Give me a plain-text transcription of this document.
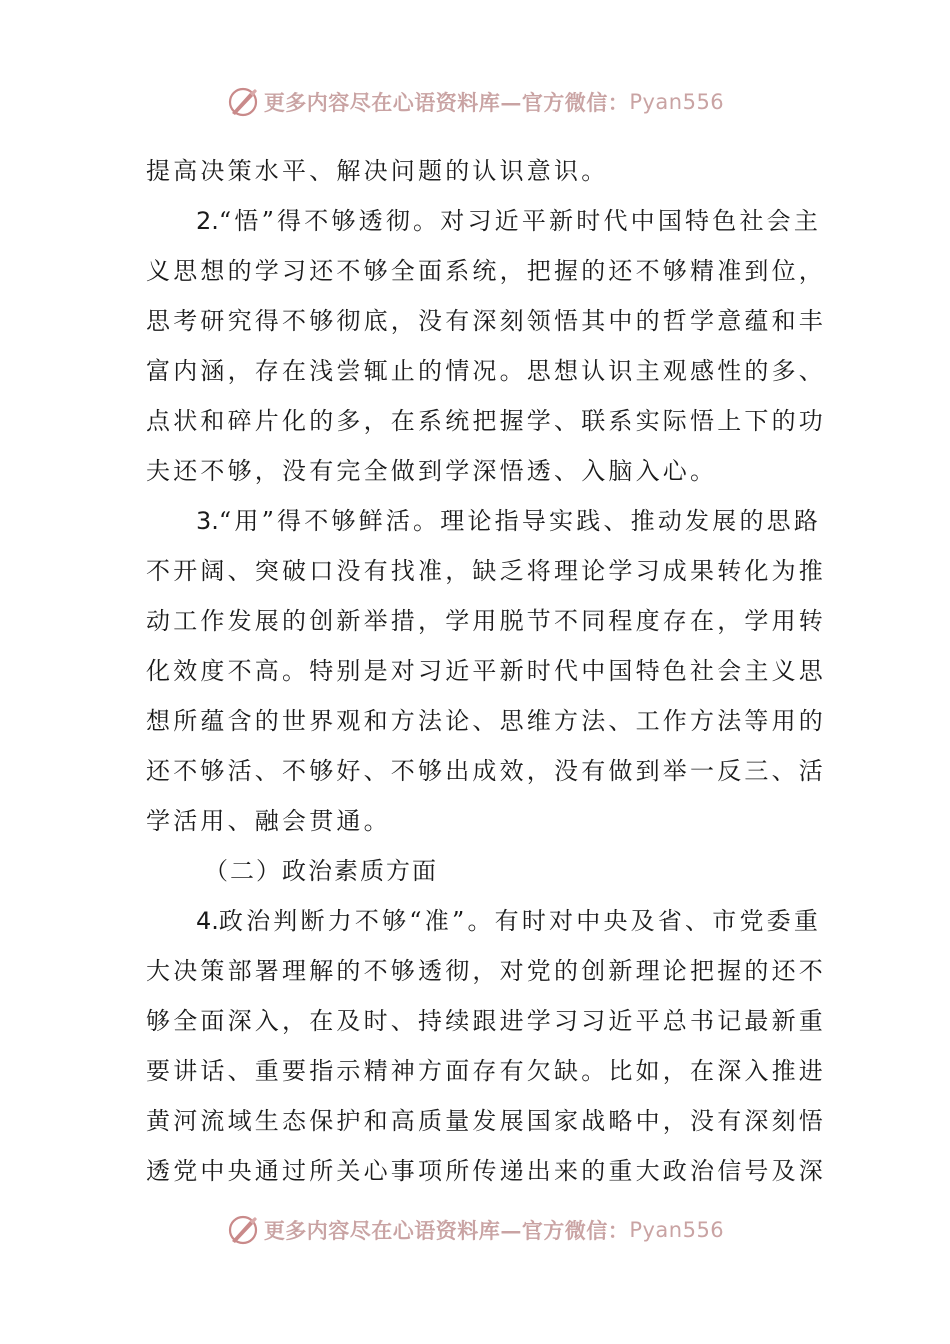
更多内容尽在心语资料库 — 官方微信： Pyan556
提高决策水平、解决问题的认识意识。
2.“悟”得不够透彻。对习近平新时代中国特色社会主
义思想的学习还不够全面系统，把握的还不够精准到位，
思考研究得不够彻底，没有深刻领悟其中的哲学意蕴和丰
富内涵，存在浅尝辄止的情况。思想认识主观感性的多、
点状和碎片化的多，在系统把握学、联系实际悟上下的功
夫还不够，没有完全做到学深悟透、入脑入心。
3.“用”得不够鲜活。理论指导实践、推动发展的思路
不开阔、突破口没有找准，缺乏将理论学习成果转化为推
动工作发展的创新举措，学用脱节不同程度存在，学用转
化效度不高。特别是对习近平新时代中国特色社会主义思
想所蕴含的世界观和方法论、思维方法、工作方法等用的
还不够活、不够好、不够出成效，没有做到举一反三、活
学活用、融会贯通。
（二）政治素质方面
4.政治判断力不够“准”。有时对中央及省、市党委重
大决策部署理解的不够透彻，对党的创新理论把握的还不
够全面深入，在及时、持续跟进学习习近平总书记最新重
要讲话、重要指示精神方面存有欠缺。比如，在深入推进
黄河流域生态保护和高质量发展国家战略中，没有深刻悟
透党中央通过所关心事项所传递出来的重大政治信号及深
更多内容尽在心语资料库 — 官方微信： Pyan556
